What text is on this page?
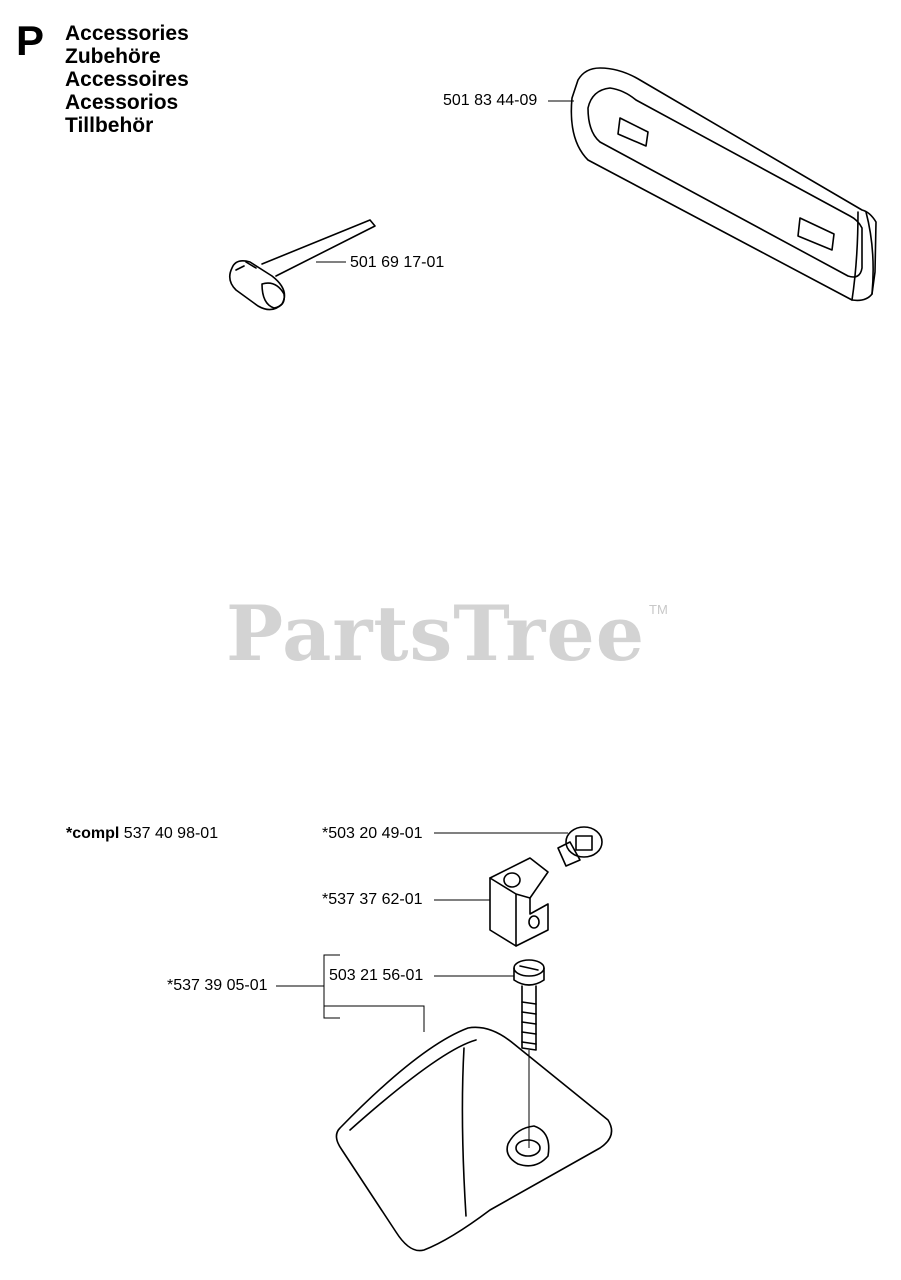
P Accessories
Zubehöre
Accessoires
Acessorios
Tillbehör
501 83 44-09
501 69 17-01
*compl 537 40 98-01	*503 20 49-01
*537 37 62-01
*537 39 05-01
503 21 56-01
PartsTree TM
